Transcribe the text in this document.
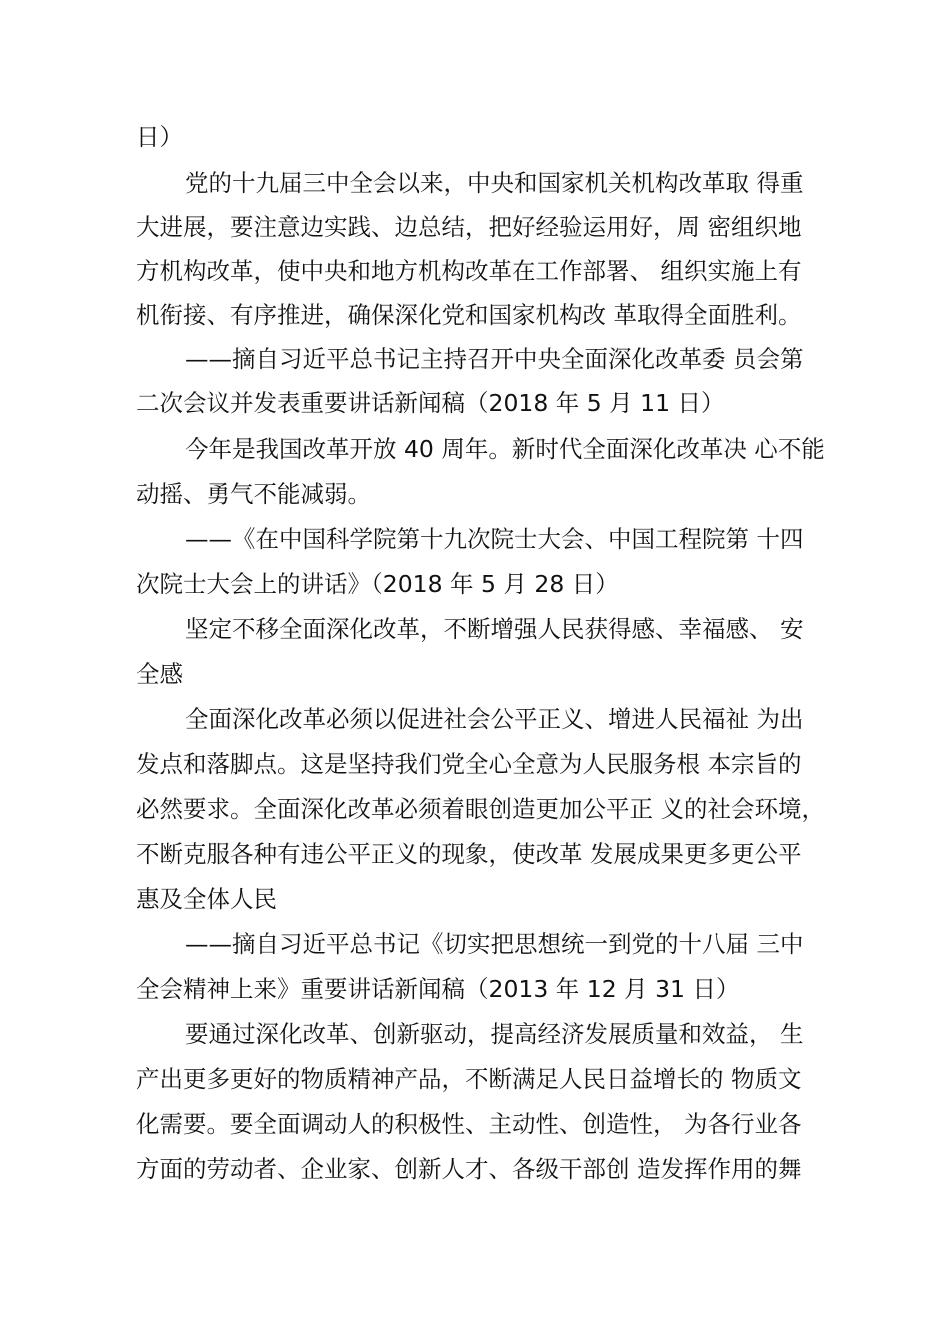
日）

党的十九届三中全会以来，中央和国家机关机构改革取 得重

大进展，要注意边实践、边总结，把好经验运用好，周 密组织地

方机构改革，使中央和地方机构改革在工作部署、 组织实施上有

机衔接、有序推进，确保深化党和国家机构改 革取得全面胜利。

——摘自习近平总书记主持召开中央全面深化改革委 员会第

二次会议并发表重要讲话新闻稿（2018 年 5 月 11 日）

今年是我国改革开放 40 周年。新时代全面深化改革决 心不能

动摇、勇气不能减弱。

——《在中国科学院第十九次院士大会、中国工程院第 十四

次院士大会上的讲话》（2018 年 5 月 28 日）

坚定不移全面深化改革，不断增强人民获得感、幸福感、 安

全感

全面深化改革必须以促进社会公平正义、增进人民福祉 为出

发点和落脚点。这是坚持我们党全心全意为人民服务根 本宗旨的

必然要求。全面深化改革必须着眼创造更加公平正 义的社会环境，

不断克服各种有违公平正义的现象，使改革 发展成果更多更公平

惠及全体人民

——摘自习近平总书记《切实把思想统一到党的十八届 三中

全会精神上来》重要讲话新闻稿（2013 年 12 月 31 日）

要通过深化改革、创新驱动，提高经济发展质量和效益， 生

产出更多更好的物质精神产品，不断满足人民日益增长的 物质文

化需要。要全面调动人的积极性、主动性、创造性， 为各行业各

方面的劳动者、企业家、创新人才、各级干部创 造发挥作用的舞
